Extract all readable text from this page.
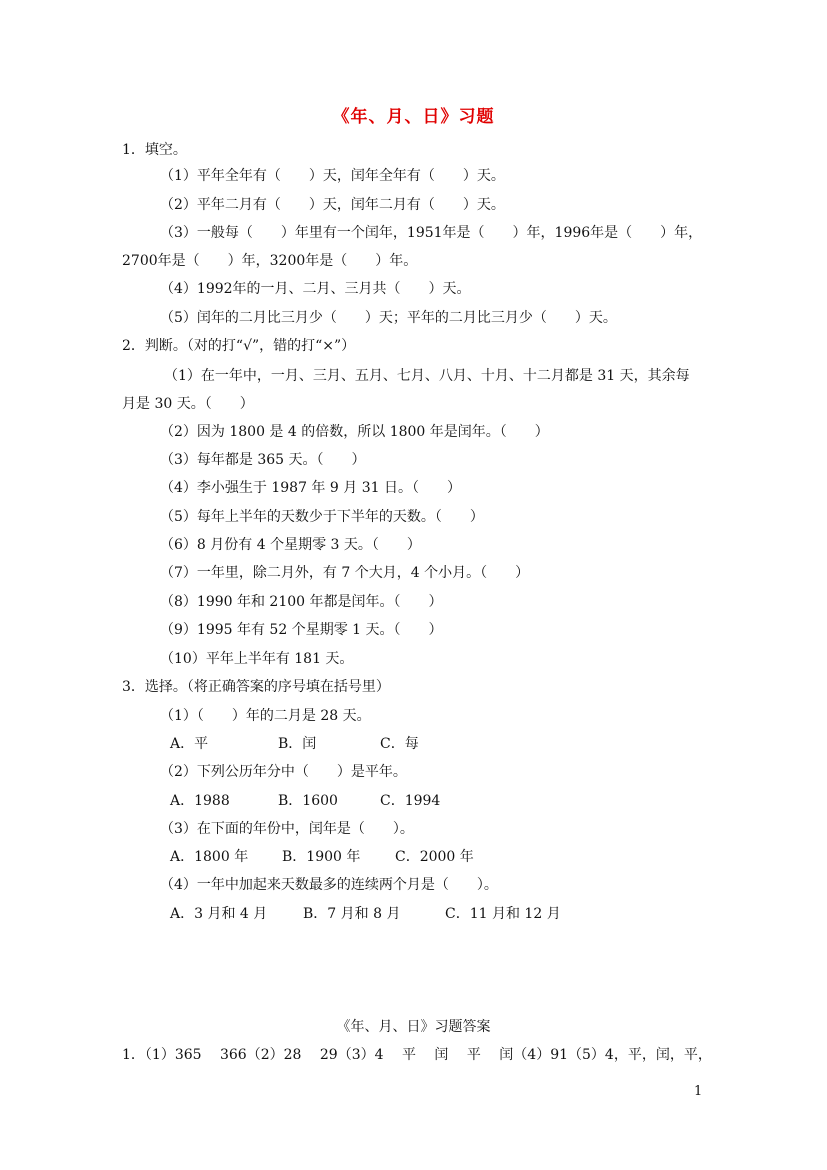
《年、月、日》习题
1．填空。
（1）平年全年有（　　）天，闰年全年有（　　）天。
（2）平年二月有（　　）天，闰年二月有（　　）天。
（3）一般每（　　）年里有一个闰年，1951年是（　　）年，1996年是（　　）年，
2700年是（　　）年，3200年是（　　）年。
（4）1992年的一月、二月、三月共（　　）天。
（5）闰年的二月比三月少（　　）天；平年的二月比三月少（　　）天。
2．判断。（对的打“√”，错的打“×”）
（1）在一年中，一月、三月、五月、七月、八月、十月、十二月都是 31 天，其余每
月是 30 天。（　　）
（2）因为 1800 是 4 的倍数，所以 1800 年是闰年。（　　）
（3）每年都是 365 天。（　　）
（4）李小强生于 1987 年 9 月 31 日。（　　）
（5）每年上半年的天数少于下半年的天数。（　　）
（6）8 月份有 4 个星期零 3 天。（　　）
（7）一年里，除二月外，有 7 个大月，4 个小月。（　　）
（8）1990 年和 2100 年都是闰年。（　　）
（9）1995 年有 52 个星期零 1 天。（　　）
（10）平年上半年有 181 天。
3．选择。（将正确答案的序号填在括号里）
（1）（　　）年的二月是 28 天。
A．平	B．闰	C．每
（2）下列公历年分中（　　）是平年。
A．1988	B．1600	C．1994
（3）在下面的年份中，闰年是（　　）。
A．1800 年 B．1900 年 C．2000 年
（4）一年中加起来天数最多的连续两个月是（　　）。
A．3 月和 4 月	B．7 月和 8 月	C．11 月和 12 月
《年、月、日》习题答案
1．（1）365　 366（2）28　 29（3）4　 平　 闰　 平　 闰（4）91（5）4，平，闰，平，
1
